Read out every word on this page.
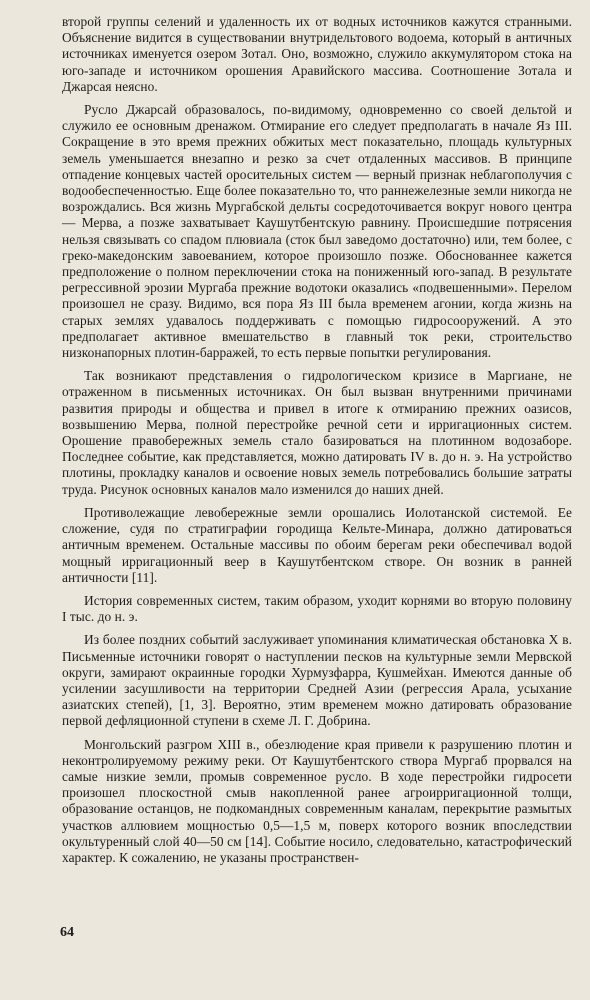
второй группы селений и удаленность их от водных источников кажутся странными. Объяснение видится в существовании внутридельтового водоема, который в античных источниках именуется озером Зотал. Оно, возможно, служило аккумулятором стока на юго-западе и источником орошения Аравийского массива. Соотношение Зотала и Джарсая неясно.

Русло Джарсай образовалось, по-видимому, одновременно со своей дельтой и служило ее основным дренажом. Отмирание его следует предполагать в начале Яз III. Сокращение в это время прежних обжитых мест показательно, площадь культурных земель уменьшается внезапно и резко за счет отдаленных массивов. В принципе отпадение концевых частей оросительных систем — верный признак неблагополучия с водообеспеченностью. Еще более показательно то, что раннежелезные земли никогда не возрождались. Вся жизнь Мургабской дельты сосредоточивается вокруг нового центра — Мерва, а позже захватывает Каушутбентскую равнину. Происшедшие потрясения нельзя связывать со спадом плювиала (сток был заведомо достаточно) или, тем более, с греко-македонским завоеванием, которое произошло позже. Обоснованнее кажется предположение о полном переключении стока на пониженный юго-запад. В результате регрессивной эрозии Мургаба прежние водотоки оказались «подвешенными». Перелом произошел не сразу. Видимо, вся пора Яз III была временем агонии, когда жизнь на старых землях удавалось поддерживать с помощью гидросооружений. А это предполагает активное вмешательство в главный ток реки, строительство низконапорных плотин-барражей, то есть первые попытки регулирования.

Так возникают представления о гидрологическом кризисе в Маргиане, не отраженном в письменных источниках. Он был вызван внутренними причинами развития природы и общества и привел в итоге к отмиранию прежних оазисов, возвышению Мерва, полной перестройке речной сети и ирригационных систем. Орошение правобережных земель стало базироваться на плотинном водозаборе. Последнее событие, как представляется, можно датировать IV в. до н. э. На устройство плотины, прокладку каналов и освоение новых земель потребовались большие затраты труда. Рисунок основных каналов мало изменился до наших дней.

Противолежащие левобережные земли орошались Иолотанской системой. Ее сложение, судя по стратиграфии городища Кельте-Минара, должно датироваться античным временем. Остальные массивы по обоим берегам реки обеспечивал водой мощный ирригационный веер в Каушутбентском створе. Он возник в ранней античности [11].

История современных систем, таким образом, уходит корнями во вторую половину I тыс. до н. э.

Из более поздних событий заслуживает упоминания климатическая обстановка X в. Письменные источники говорят о наступлении песков на культурные земли Мервской округи, замирают окраинные городки Хурмузфарра, Кушмейхан. Имеются данные об усилении засушливости на территории Средней Азии (регрессия Арала, усыхание азиатских степей), [1, 3]. Вероятно, этим временем можно датировать образование первой дефляционной ступени в схеме Л. Г. Добрина.

Монгольский разгром XIII в., обезлюдение края привели к разрушению плотин и неконтролируемому режиму реки. От Каушутбентского створа Мургаб прорвался на самые низкие земли, промыв современное русло. В ходе перестройки гидросети произошел плоскостной смыв накопленной ранее агроирригационной толщи, образование останцов, не подкомандных современным каналам, перекрытие размытых участков аллювием мощностью 0,5—1,5 м, поверх которого возник впоследствии окультуренный слой 40—50 см [14]. Событие носило, следовательно, катастрофический характер. К сожалению, не указаны пространствен-

64
